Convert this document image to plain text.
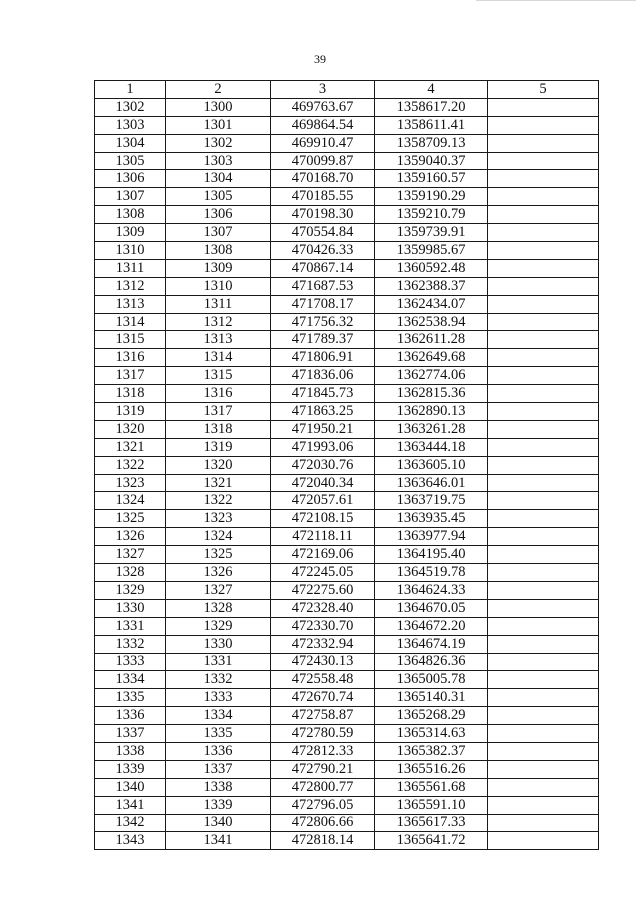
39
1	2	3	4	5
1302	1300	469763.67	1358617.20	
1303	1301	469864.54	1358611.41	
1304	1302	469910.47	1358709.13	
1305	1303	470099.87	1359040.37	
1306	1304	470168.70	1359160.57	
1307	1305	470185.55	1359190.29	
1308	1306	470198.30	1359210.79	
1309	1307	470554.84	1359739.91	
1310	1308	470426.33	1359985.67	
1311	1309	470867.14	1360592.48	
1312	1310	471687.53	1362388.37	
1313	1311	471708.17	1362434.07	
1314	1312	471756.32	1362538.94	
1315	1313	471789.37	1362611.28	
1316	1314	471806.91	1362649.68	
1317	1315	471836.06	1362774.06	
1318	1316	471845.73	1362815.36	
1319	1317	471863.25	1362890.13	
1320	1318	471950.21	1363261.28	
1321	1319	471993.06	1363444.18	
1322	1320	472030.76	1363605.10	
1323	1321	472040.34	1363646.01	
1324	1322	472057.61	1363719.75	
1325	1323	472108.15	1363935.45	
1326	1324	472118.11	1363977.94	
1327	1325	472169.06	1364195.40	
1328	1326	472245.05	1364519.78	
1329	1327	472275.60	1364624.33	
1330	1328	472328.40	1364670.05	
1331	1329	472330.70	1364672.20	
1332	1330	472332.94	1364674.19	
1333	1331	472430.13	1364826.36	
1334	1332	472558.48	1365005.78	
1335	1333	472670.74	1365140.31	
1336	1334	472758.87	1365268.29	
1337	1335	472780.59	1365314.63	
1338	1336	472812.33	1365382.37	
1339	1337	472790.21	1365516.26	
1340	1338	472800.77	1365561.68	
1341	1339	472796.05	1365591.10	
1342	1340	472806.66	1365617.33	
1343	1341	472818.14	1365641.72	
